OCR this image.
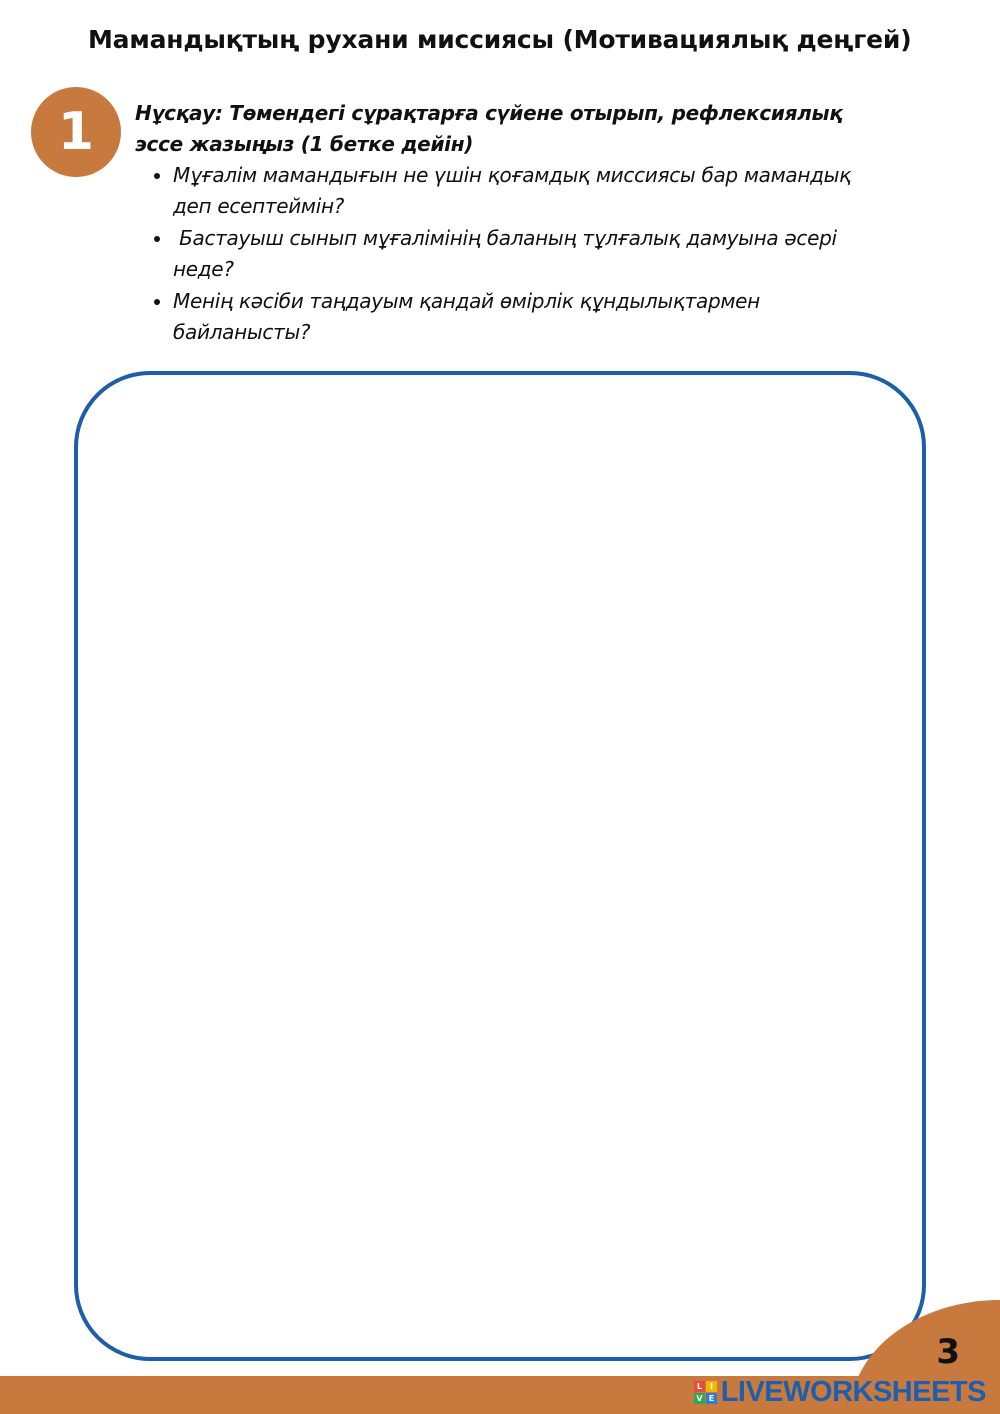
Мамандықтың рухани миссиясы (Мотивациялық деңгей)
1	Нұсқау: Төмендегі сұрақтарға сүйене отырып, рефлексиялық эссе жазыңыз (1 бетке дейін)
• Мұғалім мамандығын не үшін қоғамдық миссиясы бар мамандық деп есептеймін?
•  Бастауыш сынып мұғалімінің баланың тұлғалық дамуына әсері неде?
• Менің кәсіби таңдауым қандай өмірлік құндылықтармен байланысты?
3
L	I
V E LIVEWORKSHEETS
